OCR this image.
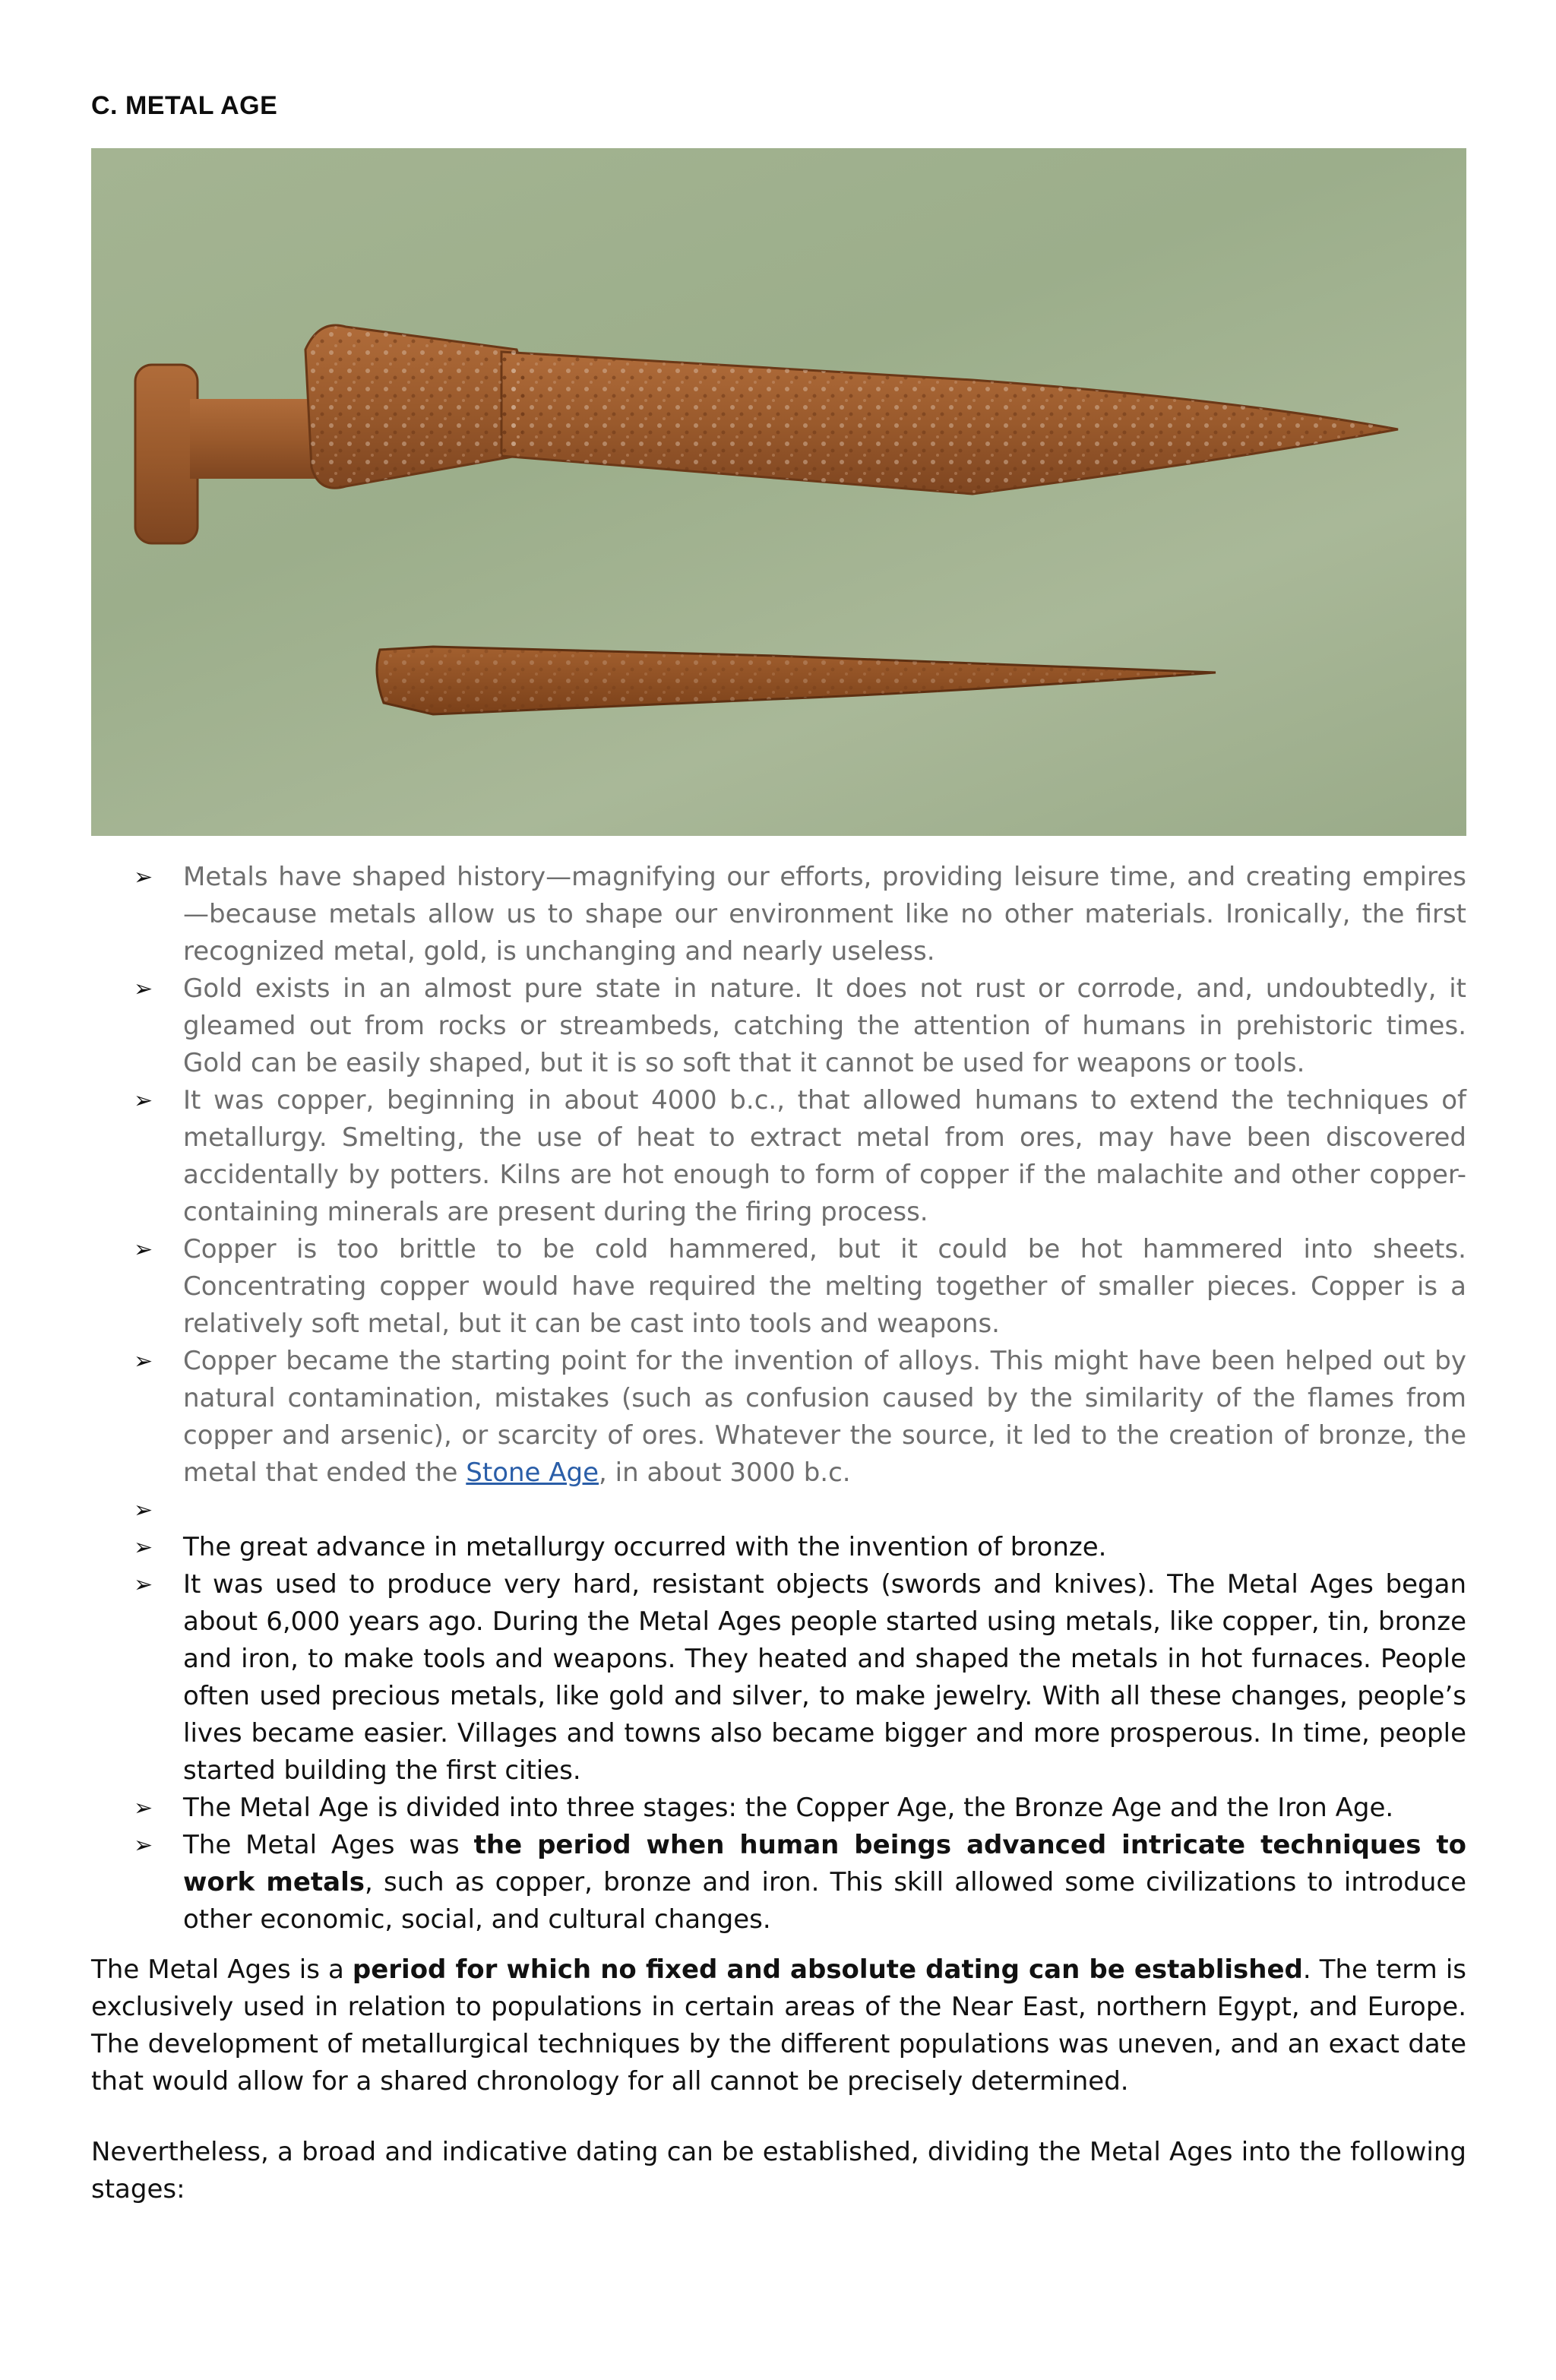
C. METAL AGE
➢ Metals have shaped history—magnifying our efforts, providing leisure time, and creating empires—because metals allow us to shape our environment like no other materials. Ironically, the first recognized metal, gold, is unchanging and nearly useless.
➢ Gold exists in an almost pure state in nature. It does not rust or corrode, and, undoubtedly, it gleamed out from rocks or streambeds, catching the attention of humans in prehistoric times. Gold can be easily shaped, but it is so soft that it cannot be used for weapons or tools.
➢ It was copper, beginning in about 4000 b.c., that allowed humans to extend the techniques of metallurgy. Smelting, the use of heat to extract metal from ores, may have been discovered accidentally by potters. Kilns are hot enough to form of copper if the malachite and other copper-containing minerals are present during the firing process.
➢ Copper is too brittle to be cold hammered, but it could be hot hammered into sheets. Concentrating copper would have required the melting together of smaller pieces. Copper is a relatively soft metal, but it can be cast into tools and weapons.
➢ Copper became the starting point for the invention of alloys. This might have been helped out by natural contamination, mistakes (such as confusion caused by the similarity of the flames from copper and arsenic), or scarcity of ores. Whatever the source, it led to the creation of bronze, the metal that ended the Stone Age, in about 3000 b.c.
➢
➢ The great advance in metallurgy occurred with the invention of bronze.
➢ It was used to produce very hard, resistant objects (swords and knives). The Metal Ages began about 6,000 years ago. During the Metal Ages people started using metals, like copper, tin, bronze and iron, to make tools and weapons. They heated and shaped the metals in hot furnaces. People often used precious metals, like gold and silver, to make jewelry. With all these changes, people’s lives became easier. Villages and towns also became bigger and more prosperous. In time, people started building the first cities.
➢ The Metal Age is divided into three stages: the Copper Age, the Bronze Age and the Iron Age.
➢ The Metal Ages was the period when human beings advanced intricate techniques to work metals, such as copper, bronze and iron. This skill allowed some civilizations to introduce other economic, social, and cultural changes.
The Metal Ages is a period for which no fixed and absolute dating can be established. The term is exclusively used in relation to populations in certain areas of the Near East, northern Egypt, and Europe. The development of metallurgical techniques by the different populations was uneven, and an exact date that would allow for a shared chronology for all cannot be precisely determined.
Nevertheless, a broad and indicative dating can be established, dividing the Metal Ages into the following stages:
